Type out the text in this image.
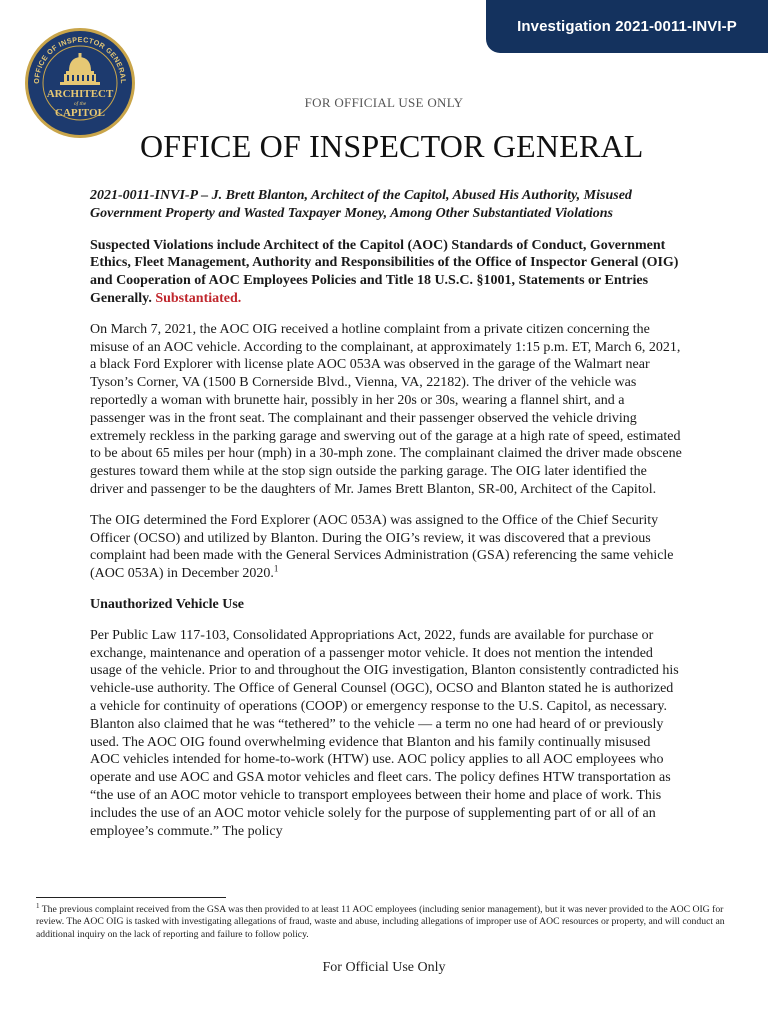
Investigation 2021-0011-INVI-P
OFFICE OF INSPECTOR GENERAL
ARCHITECT
of the
CAPITOL
FOR OFFICIAL USE ONLY
OFFICE OF INSPECTOR GENERAL

2021-0011-INVI-P – J. Brett Blanton, Architect of the Capitol, Abused His Authority, Misused Government Property and Wasted Taxpayer Money, Among Other Substantiated Violations

Suspected Violations include Architect of the Capitol (AOC) Standards of Conduct, Government Ethics, Fleet Management, Authority and Responsibilities of the Office of Inspector General (OIG) and Cooperation of AOC Employees Policies and Title 18 U.S.C. §1001, Statements or Entries Generally. Substantiated.

On March 7, 2021, the AOC OIG received a hotline complaint from a private citizen concerning the misuse of an AOC vehicle. According to the complainant, at approximately 1:15 p.m. ET, March 6, 2021, a black Ford Explorer with license plate AOC 053A was observed in the garage of the Walmart near Tyson’s Corner, VA (1500 B Cornerside Blvd., Vienna, VA, 22182). The driver of the vehicle was reportedly a woman with brunette hair, possibly in her 20s or 30s, wearing a flannel shirt, and a passenger was in the front seat. The complainant and their passenger observed the vehicle driving extremely reckless in the parking garage and swerving out of the garage at a high rate of speed, estimated to be about 65 miles per hour (mph) in a 30-mph zone. The complainant claimed the driver made obscene gestures toward them while at the stop sign outside the parking garage. The OIG later identified the driver and passenger to be the daughters of Mr. James Brett Blanton, SR-00, Architect of the Capitol.

The OIG determined the Ford Explorer (AOC 053A) was assigned to the Office of the Chief Security Officer (OCSO) and utilized by Blanton. During the OIG’s review, it was discovered that a previous complaint had been made with the General Services Administration (GSA) referencing the same vehicle (AOC 053A) in December 2020.$^1$

Unauthorized Vehicle Use

Per Public Law 117-103, Consolidated Appropriations Act, 2022, funds are available for purchase or exchange, maintenance and operation of a passenger motor vehicle. It does not mention the intended usage of the vehicle. Prior to and throughout the OIG investigation, Blanton consistently contradicted his vehicle-use authority. The Office of General Counsel (OGC), OCSO and Blanton stated he is authorized a vehicle for continuity of operations (COOP) or emergency response to the U.S. Capitol, as necessary. Blanton also claimed that he was “tethered” to the vehicle — a term no one had heard of or previously used. The AOC OIG found overwhelming evidence that Blanton and his family continually misused AOC vehicles intended for home-to-work (HTW) use. AOC policy applies to all AOC employees who operate and use AOC and GSA motor vehicles and fleet cars. The policy defines HTW transportation as “the use of an AOC motor vehicle to transport employees between their home and place of work. This includes the use of an AOC motor vehicle solely for the purpose of supplementing part of or all of an employee’s commute.” The policy

$^1$ The previous complaint received from the GSA was then provided to at least 11 AOC employees (including senior management), but it was never provided to the AOC OIG for review. The AOC OIG is tasked with investigating allegations of fraud, waste and abuse, including allegations of improper use of AOC resources or property, and will conduct an additional inquiry on the lack of reporting and failure to follow policy.
For Official Use Only
